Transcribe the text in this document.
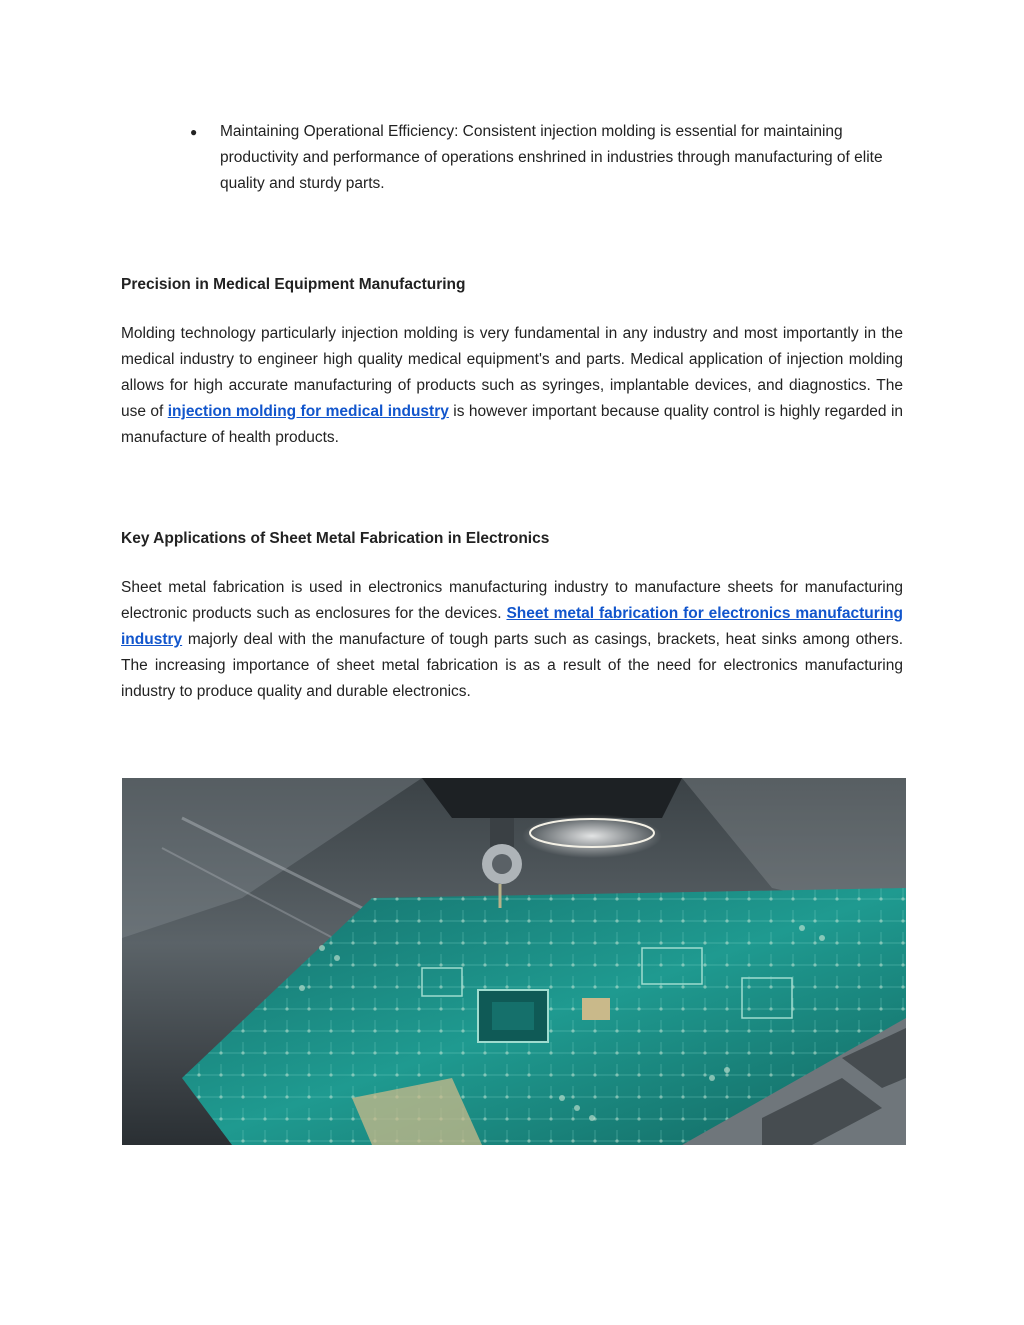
● Maintaining Operational Efficiency: Consistent injection molding is essential for maintaining productivity and performance of operations enshrined in industries through manufacturing of elite quality and sturdy parts.
Precision in Medical Equipment Manufacturing

Molding technology particularly injection molding is very fundamental in any industry and most importantly in the medical industry to engineer high quality medical equipment's and parts. Medical application of injection molding allows for high accurate manufacturing of products such as syringes, implantable devices, and diagnostics. The use of injection molding for medical industry is however important because quality control is highly regarded in manufacture of health products.

Key Applications of Sheet Metal Fabrication in Electronics

Sheet metal fabrication is used in electronics manufacturing industry to manufacture sheets for manufacturing electronic products such as enclosures for the devices. Sheet metal fabrication for electronics manufacturing industry majorly deal with the manufacture of tough parts such as casings, brackets, heat sinks among others. The increasing importance of sheet metal fabrication is as a result of the need for electronics manufacturing industry to produce quality and durable electronics.
